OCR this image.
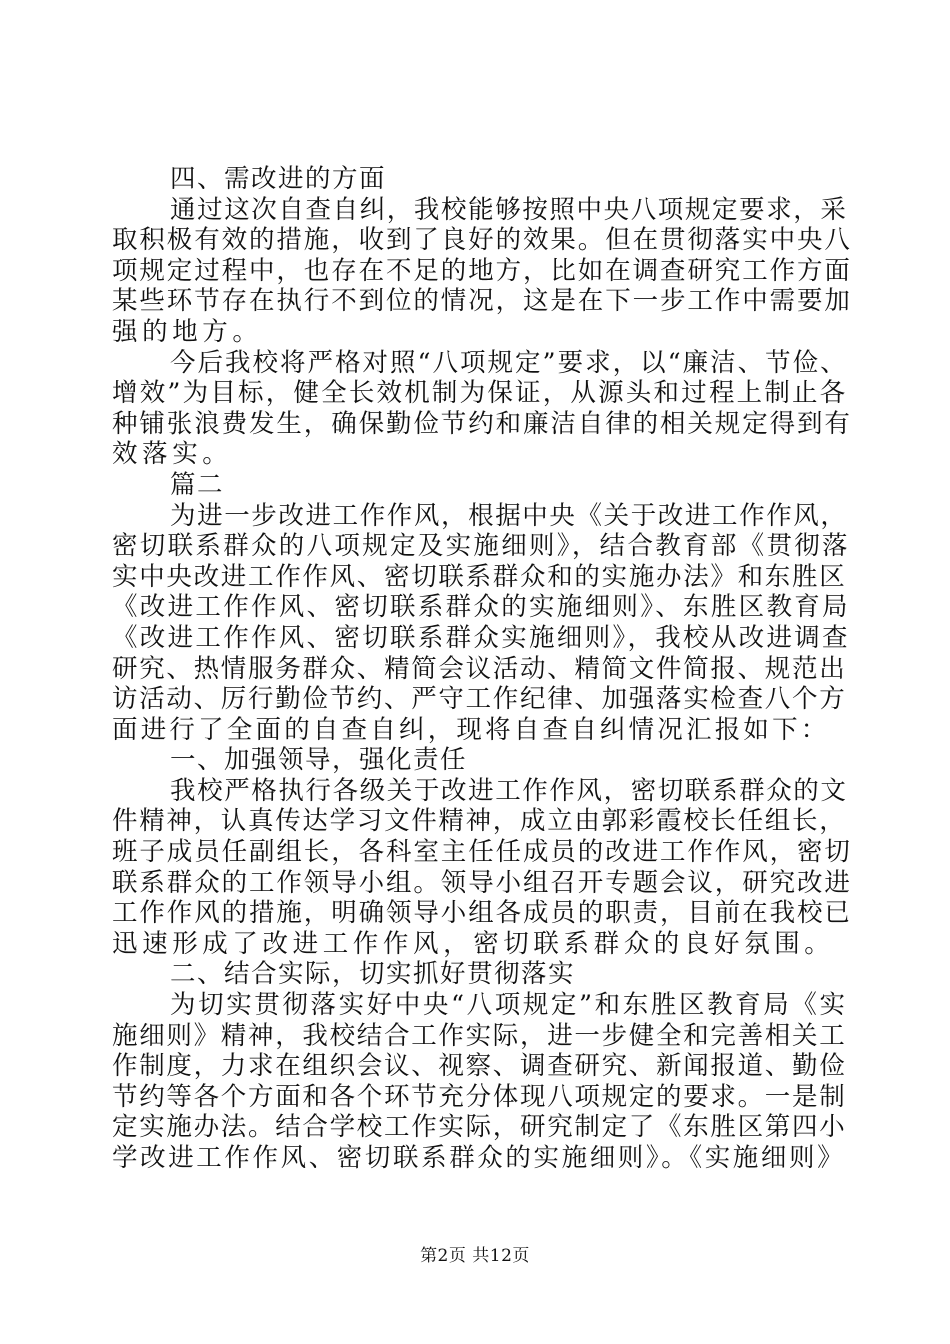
四、需改进的方面
通过这次自查自纠，我校能够按照中央八项规定要求，采
取积极有效的措施，收到了良好的效果。但在贯彻落实中央八
项规定过程中，也存在不足的地方，比如在调查研究工作方面
某些环节存在执行不到位的情况，这是在下一步工作中需要加
强的地方。
今后我校将严格对照“八项规定”要求，以“廉洁、节俭、
增效”为目标，健全长效机制为保证，从源头和过程上制止各
种铺张浪费发生，确保勤俭节约和廉洁自律的相关规定得到有
效落实。
篇二
为进一步改进工作作风，根据中央《关于改进工作作风，
密切联系群众的八项规定及实施细则》，结合教育部《贯彻落
实中央改进工作作风、密切联系群众和的实施办法》和东胜区
《改进工作作风、密切联系群众的实施细则》、东胜区教育局
《改进工作作风、密切联系群众实施细则》，我校从改进调查
研究、热情服务群众、精简会议活动、精简文件简报、规范出
访活动、厉行勤俭节约、严守工作纪律、加强落实检查八个方
面进行了全面的自查自纠，现将自查自纠情况汇报如下：
一、加强领导，强化责任
我校严格执行各级关于改进工作作风，密切联系群众的文
件精神，认真传达学习文件精神，成立由郭彩霞校长任组长，
班子成员任副组长，各科室主任任成员的改进工作作风，密切
联系群众的工作领导小组。领导小组召开专题会议，研究改进
工作作风的措施，明确领导小组各成员的职责，目前在我校已
迅速形成了改进工作作风，密切联系群众的良好氛围。
二、结合实际，切实抓好贯彻落实
为切实贯彻落实好中央“八项规定”和东胜区教育局《实
施细则》精神，我校结合工作实际，进一步健全和完善相关工
作制度，力求在组织会议、视察、调查研究、新闻报道、勤俭
节约等各个方面和各个环节充分体现八项规定的要求。一是制
定实施办法。结合学校工作实际，研究制定了《东胜区第四小
学改进工作作风、密切联系群众的实施细则》。《实施细则》
第2页 共12页
